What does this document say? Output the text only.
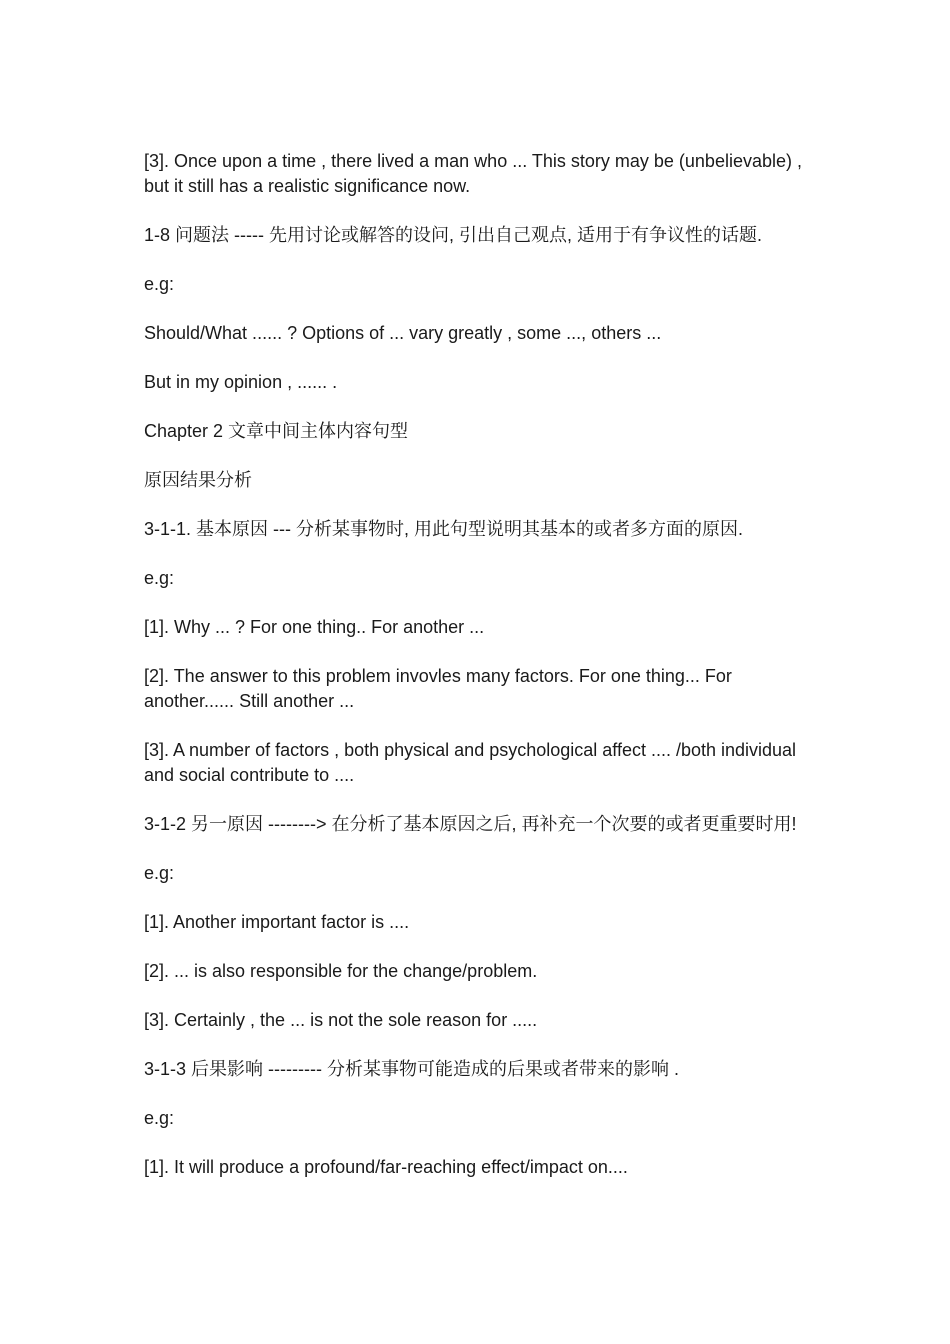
[3]. Once upon a time , there lived a man who ... This story may be (unbelievable) , but it still has a realistic significance now.

1-8 问题法 ----- 先用讨论或解答的设问, 引出自己观点, 适用于有争议性的话题.

e.g:

Should/What ...... ? Options of ... vary greatly , some ..., others ...

But in my opinion , ...... .

Chapter 2 文章中间主体内容句型

原因结果分析

3-1-1. 基本原因 --- 分析某事物时, 用此句型说明其基本的或者多方面的原因.

e.g:

[1]. Why ... ? For one thing.. For another ...

[2]. The answer to this problem invovles many factors. For one thing... For another...... Still another ...

[3]. A number of factors , both physical and psychological affect .... /both individual and social contribute to ....

3-1-2 另一原因 --------> 在分析了基本原因之后, 再补充一个次要的或者更重要时用!

e.g:

[1]. Another important factor is ....

[2]. ... is also responsible for the change/problem.

[3]. Certainly , the ... is not the sole reason for .....

3-1-3 后果影响 --------- 分析某事物可能造成的后果或者带来的影响 .

e.g:

[1]. It will produce a profound/far-reaching effect/impact on....
